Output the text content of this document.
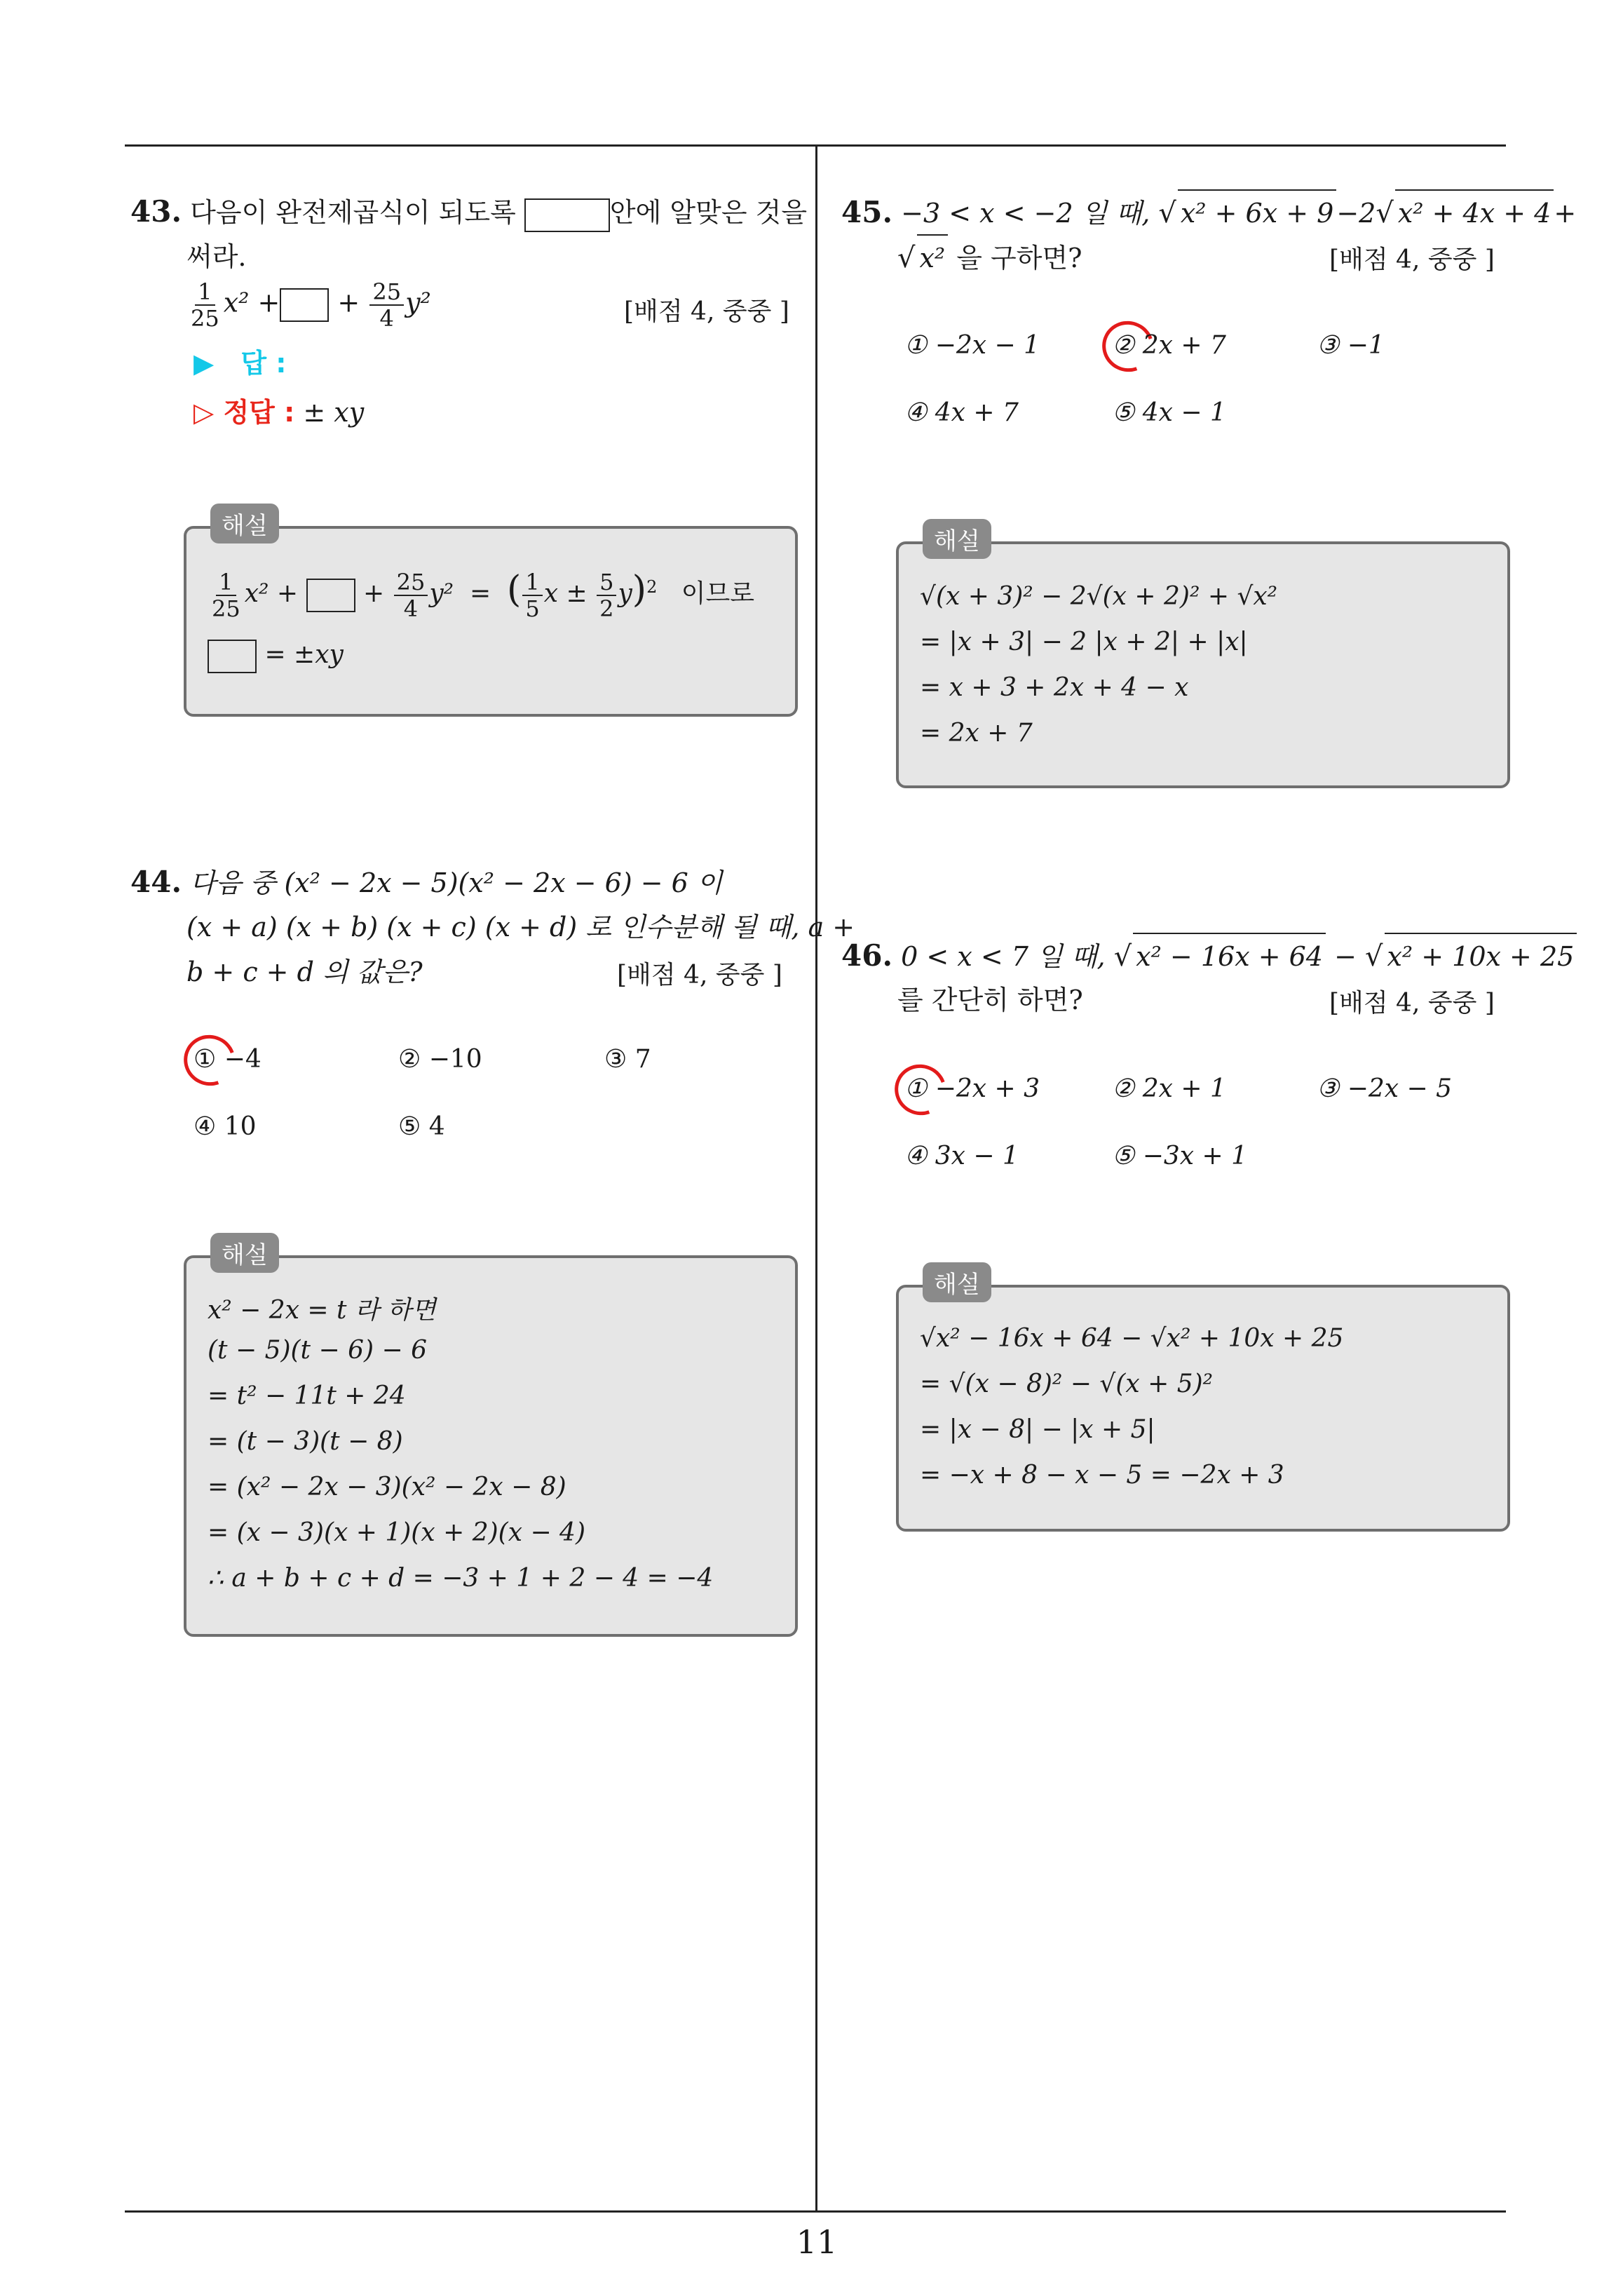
43. 다음이 완전제곱식이 되도록	안에 알맞은 것을
써라.
$\frac{1}{25} x^2$ + + $\frac{25}{4} y^2$	[배점 4, 중중 ]
▶ 답 :
▷ 정답 : ± xy
해설
$\frac{1}{25} x^2$ +	+ $\frac{25}{4} y^2$  =  ( $\frac{1}{5}$ $x \pm \frac{5}{2} y)^2$ 이므로
= ±xy
44. 다음 중 (x² − 2x − 5)(x² − 2x − 6) − 6 이
(x + a) (x + b) (x + c) (x + d) 로 인수분해 될 때, a +
b + c + d 의 값은?	[배점 4, 중중 ]
① −4	② −10	③ 7
④ 10	⑤ 4
해설
x² − 2x = t 라 하면
(t − 5)(t − 6) − 6
= t² − 11t + 24
= (t − 3)(t − 8)
= (x² − 2x − 3)(x² − 2x − 8)
= (x − 3)(x + 1)(x + 2)(x − 4)
∴ a + b + c + d = −3 + 1 + 2 − 4 = −4
45. −3 < x < −2 일 때, √ x² + 6x + 9 −2√ x² + 4x + 4 +
√ x² 을 구하면?	[배점 4, 중중 ]
① −2x − 1	② 2x + 7	③ −1
④ 4x + 7	⑤ 4x − 1
해설
√(x + 3)² − 2√(x + 2)² + √x²
= |x + 3| − 2 |x + 2| + |x|
= x + 3 + 2x + 4 − x
= 2x + 7
46. 0 < x < 7 일 때, √ x² − 16x + 64 − √ x² + 10x + 25
를 간단히 하면?	[배점 4, 중중 ]
① −2x + 3	② 2x + 1	③ −2x − 5
④ 3x − 1	⑤ −3x + 1
해설
√x² − 16x + 64 − √x² + 10x + 25
= √(x − 8)² − √(x + 5)²
= |x − 8| − |x + 5|
= −x + 8 − x − 5 = −2x + 3
11
